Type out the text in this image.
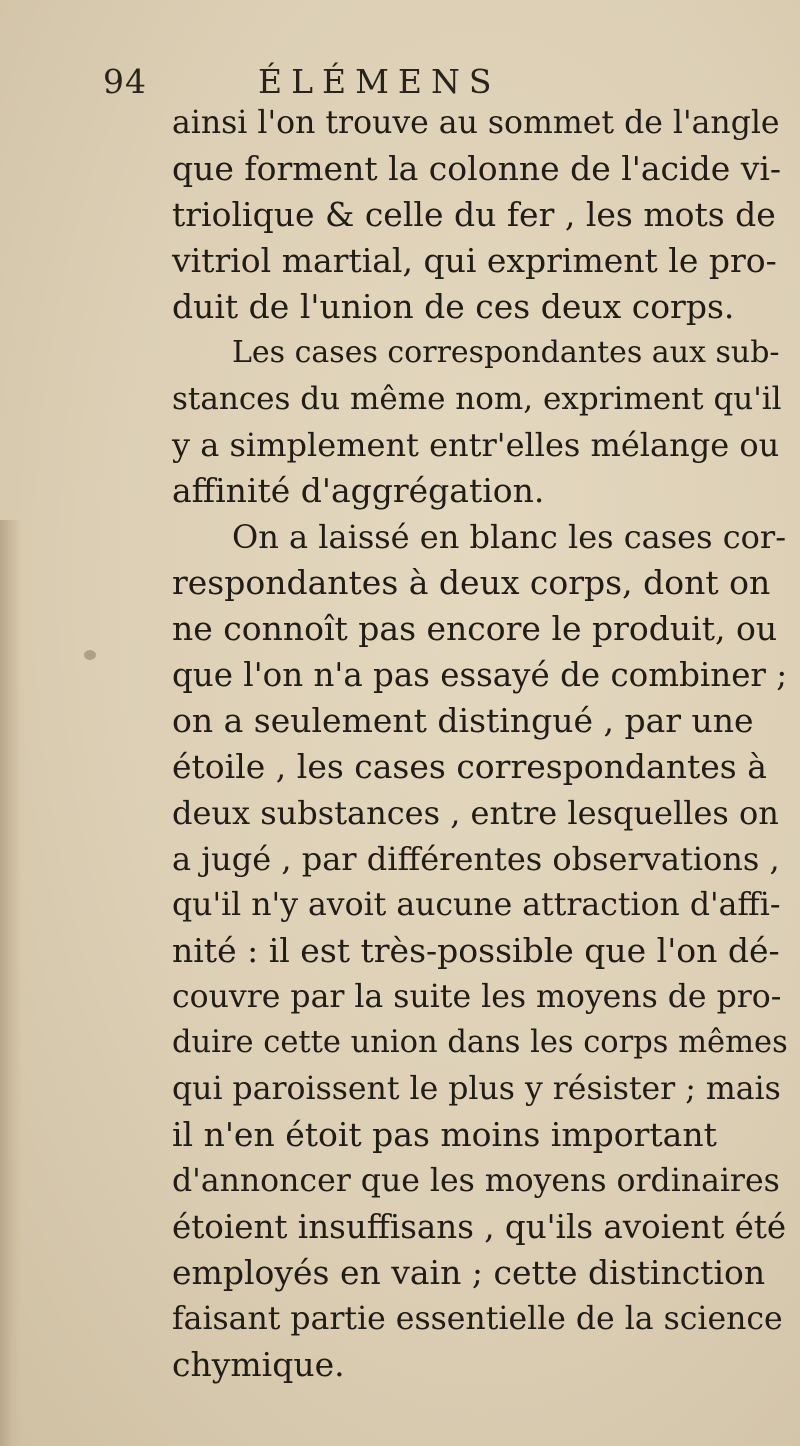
94	ÉLÉMENS
ainsi l'on trouve au sommet de l'angle
que forment la colonne de l'acide vi-
triolique & celle du fer , les mots de
vitriol martial, qui expriment le pro-
duit de l'union de ces deux corps.
Les cases correspondantes aux sub-
stances du même nom, expriment qu'il
y a simplement entr'elles mélange ou
affinité d'aggrégation.
On a laissé en blanc les cases cor-
respondantes à deux corps, dont on
ne connoît pas encore le produit, ou
que l'on n'a pas essayé de combiner ;
on a seulement distingué , par une
étoile , les cases correspondantes à
deux substances , entre lesquelles on
a jugé , par différentes observations ,
qu'il n'y avoit aucune attraction d'affi-
nité : il est très-possible que l'on dé-
couvre par la suite les moyens de pro-
duire cette union dans les corps mêmes
qui paroissent le plus y résister ; mais
il n'en étoit pas moins important
d'annoncer que les moyens ordinaires
étoient insuffisans , qu'ils avoient été
employés en vain ; cette distinction
faisant partie essentielle de la science
chymique.
